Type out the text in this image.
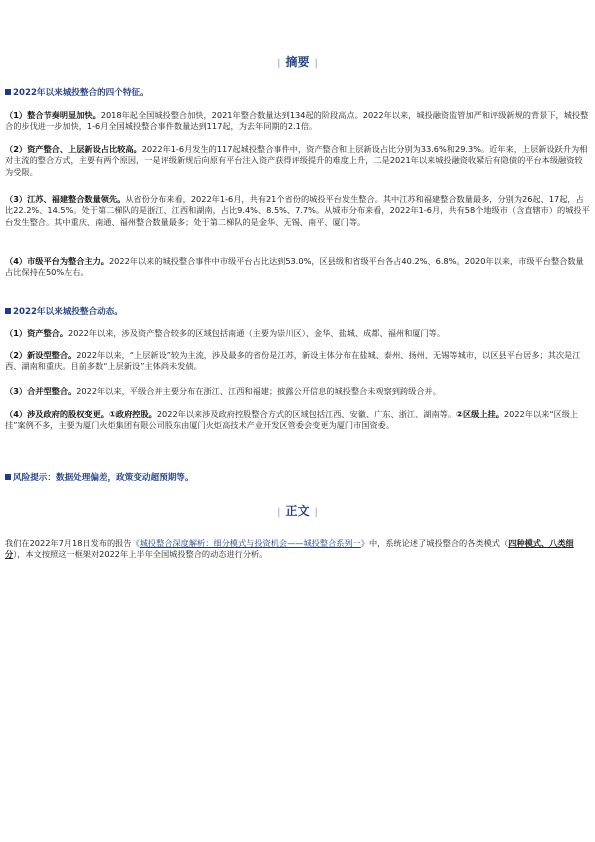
| 摘要 |
2022年以来城投整合的四个特征。

（1）整合节奏明显加快。2018年起全国城投整合加快，2021年整合数量达到134起的阶段高点。2022年以来，城投融资监管加严和评级新规的背景下，城投整合的步伐进一步加快，1-6月全国城投整合事件数量达到117起，为去年同期的2.1倍。

（2）资产整合、上层新设占比较高。2022年1-6月发生的117起城投整合事件中，资产整合和上层新设占比分别为33.6%和29.3%。近年来，上层新设跃升为相对主流的整合方式，主要有两个原因，一是评级新规后向原有平台注入资产获得评级提升的难度上升，二是2021年以来城投融资收紧后有隐债的平台本级融资较为受限。

（3）江苏、福建整合数量领先。从省份分布来看，2022年1-6月，共有21个省份的城投平台发生整合。其中江苏和福建整合数量最多，分别为26起、17起，占比22.2%、14.5%。处于第二梯队的是浙江、江西和湖南，占比9.4%、8.5%、7.7%。从城市分布来看，2022年1-6月，共有58个地级市（含直辖市）的城投平台发生整合。其中重庆、南通、福州整合数量最多；处于第二梯队的是金华、无锡、南平、厦门等。

（4）市级平台为整合主力。2022年以来的城投整合事件中市级平台占比达到53.0%，区县级和省级平台各占40.2%、6.8%。2020年以来，市级平台整合数量占比保持在50%左右。

2022年以来城投整合动态。

（1）资产整合。2022年以来，涉及资产整合较多的区域包括南通（主要为崇川区）、金华、盐城、成都、福州和厦门等。

（2）新设型整合。2022年以来，“上层新设”较为主流，涉及最多的省份是江苏，新设主体分布在盐城、泰州、扬州、无锡等城市，以区县平台居多；其次是江西、湖南和重庆。目前多数“上层新设”主体尚未发债。

（3）合并型整合。2022年以来，平级合并主要分布在浙江、江西和福建；披露公开信息的城投整合未观察到跨级合并。

（4）涉及政府的股权变更。①政府控股。2022年以来涉及政府控股整合方式的区域包括江西、安徽、广东、浙江、湖南等。②区级上挂。2022年以来“区级上挂”案例不多，主要为厦门火炬集团有限公司股东由厦门火炬高技术产业开发区管委会变更为厦门市国资委。

风险提示：数据处理偏差，政策变动超预期等。
| 正文 |

我们在2022年7月18日发布的报告《城投整合深度解析：细分模式与投资机会——城投整合系列一》中，系统论述了城投整合的各类模式（四种模式、八类细分），本文按照这一框架对2022年上半年全国城投整合的动态进行分析。
